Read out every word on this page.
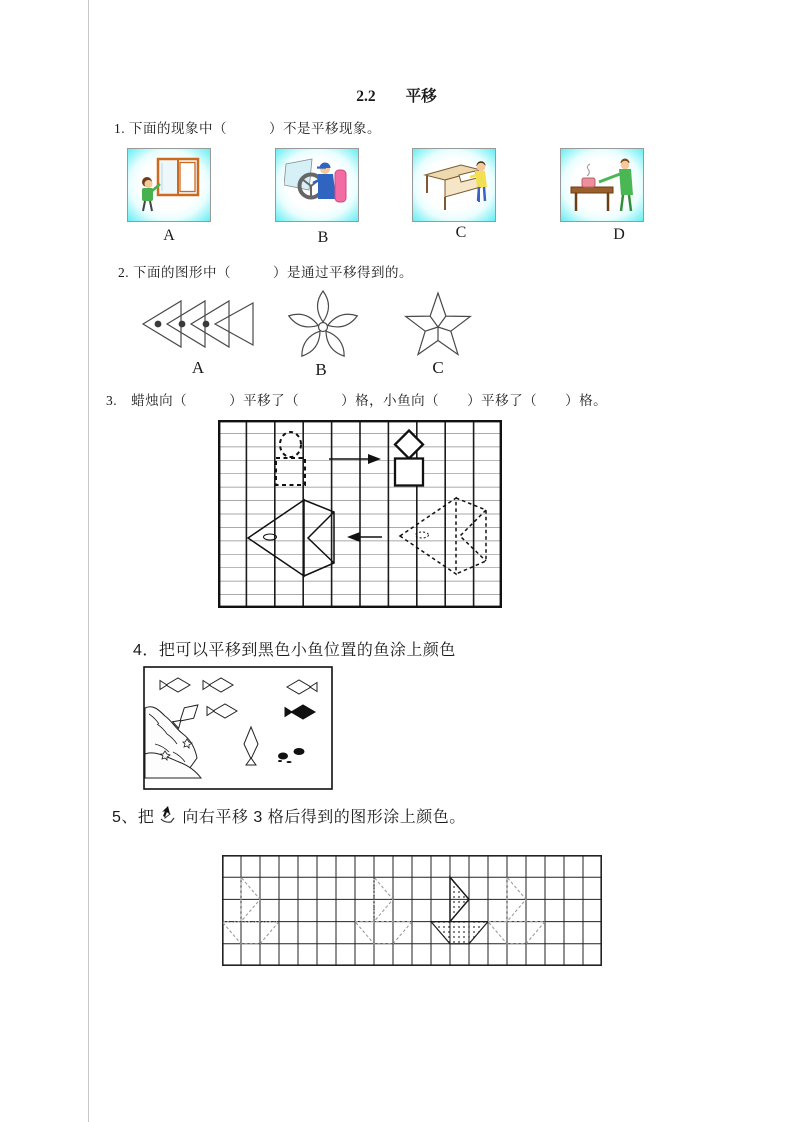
2.2 平移
1. 下面的现象中（　　　）不是平移现象。
A	B	C	D
2. 下面的图形中（　　　）是通过平移得到的。
A	B	C
3.　蜡烛向（　　　）平移了（　　　）格，小鱼向（　　）平移了（　　）格。
4．把可以平移到黑色小鱼位置的鱼涂上颜色
5、把 向右平移 3 格后得到的图形涂上颜色。
